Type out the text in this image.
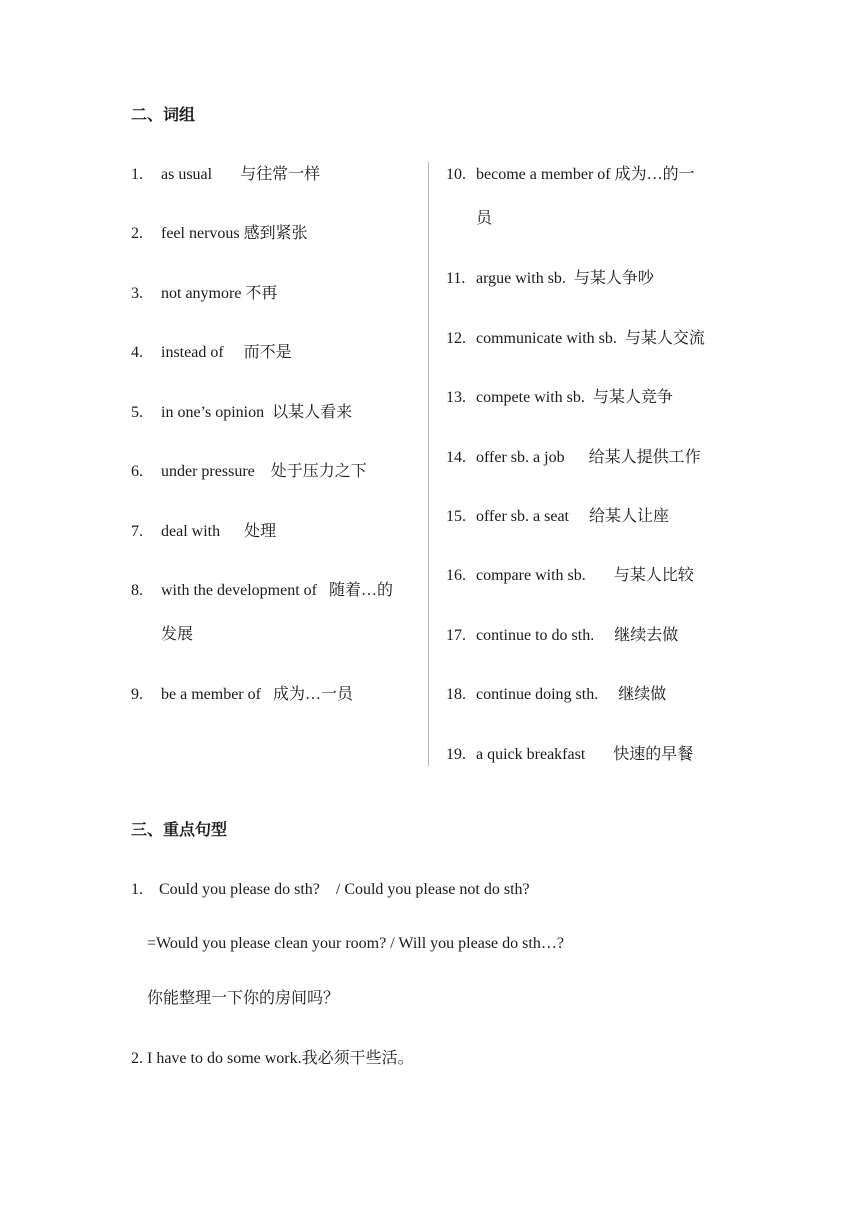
二、词组
1. as usual       与往常一样
2. feel nervous 感到紧张
3. not anymore 不再
4. instead of     而不是
5. in one’s opinion  以某人看来
6. under pressure    处于压力之下
7. deal with      处理
8. with the development of   随着…的
发展
9. be a member of   成为…一员
10. become a member of 成为…的一
员
11. argue with sb.  与某人争吵
12. communicate with sb.  与某人交流
13. compete with sb.  与某人竞争
14. offer sb. a job      给某人提供工作
15. offer sb. a seat     给某人让座
16. compare with sb.       与某人比较
17. continue to do sth.     继续去做
18. continue doing sth.     继续做
19. a quick breakfast       快速的早餐
三、重点句型
1.    Could you please do sth?    / Could you please not do sth?
=Would you please clean your room? / Will you please do sth…?
你能整理一下你的房间吗？
2. I have to do some work.我必须干些活。
